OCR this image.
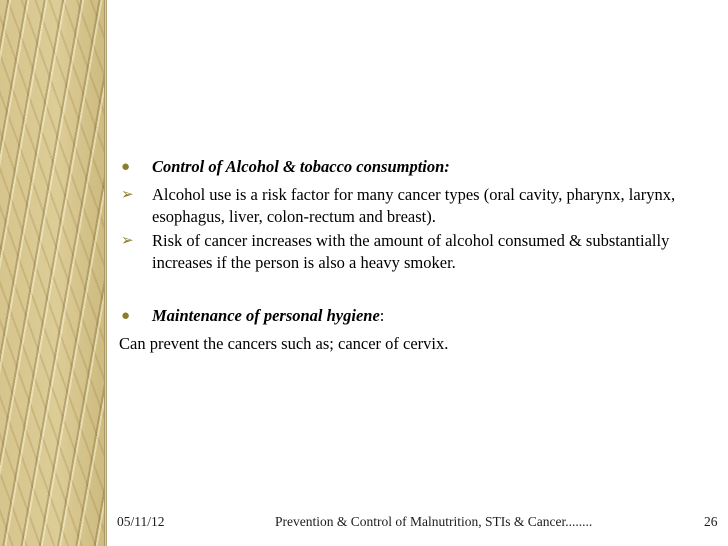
● Control of Alcohol & tobacco consumption:
➢ Alcohol use is a risk factor for many cancer types (oral cavity, pharynx, larynx, esophagus, liver, colon-rectum and breast).
➢ Risk of cancer increases with the amount of alcohol consumed & substantially increases if the person is also a heavy smoker.
● Maintenance of personal hygiene:
Can prevent the cancers such as; cancer of cervix.
05/11/12	Prevention & Control of Malnutrition, STIs & Cancer........	26
